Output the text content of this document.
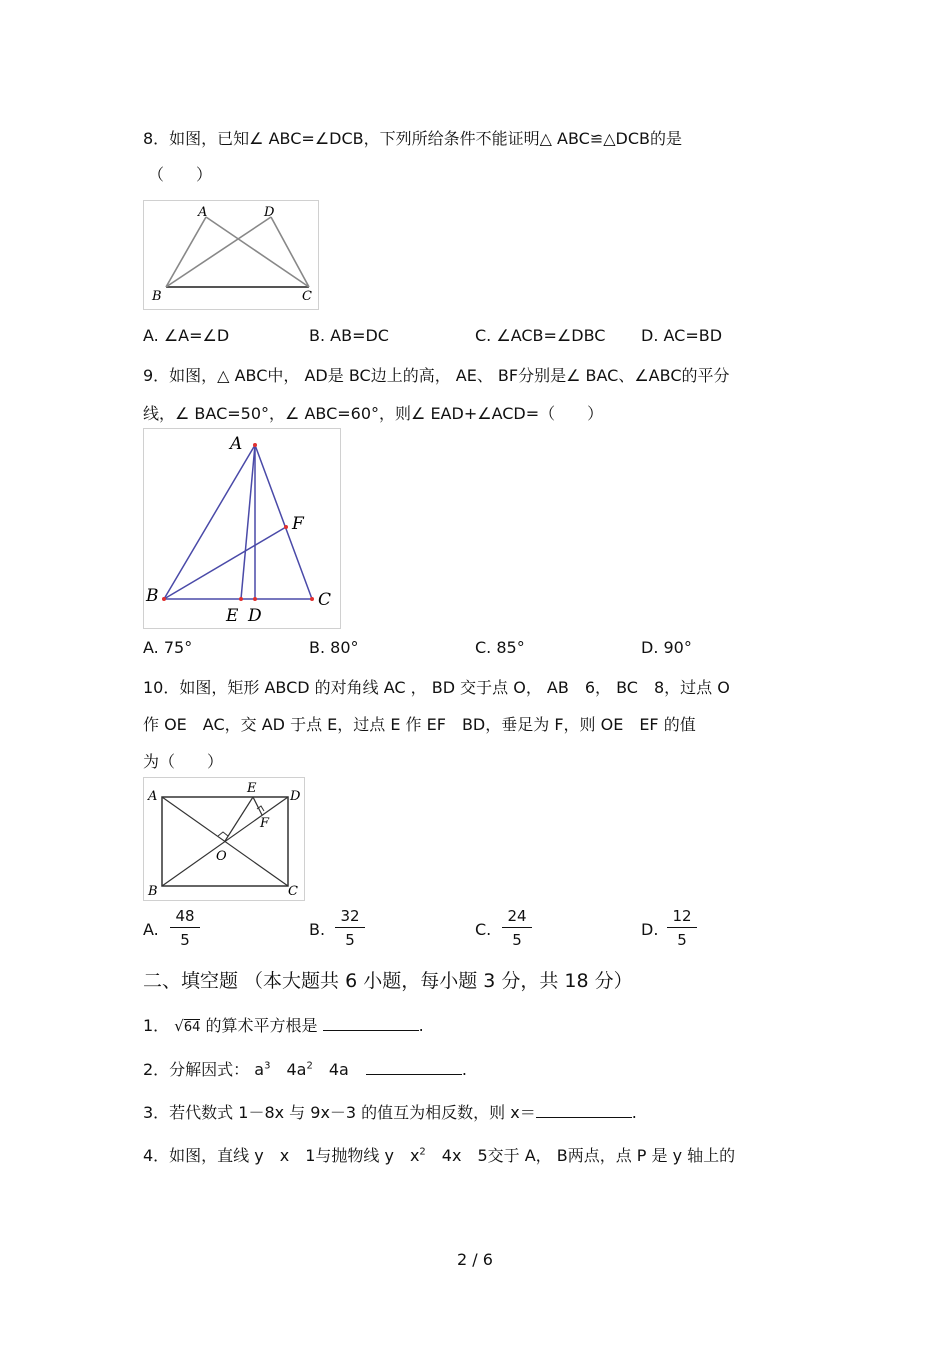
8．如图，已知∠ ABC=∠DCB，下列所给条件不能证明△ ABC≌△DCB的是
（　　）
A	D
B	C
A. ∠A=∠D	B. AB=DC	C. ∠ACB=∠DBC D. AC=BD
9．如图，△ ABC中， AD是 BC边上的高， AE、 BF分别是∠ BAC、∠ABC的平分
线，∠ BAC=50°，∠ ABC=60°，则∠ EAD+∠ACD=（　　）
A
F
B	C
E D
A. 75°	B. 80°	C. 85°	D. 90°
10．如图，矩形 ABCD 的对角线 AC ， BD 交于点 O， AB　6， BC　8，过点 O
作 OE　AC，交 AD 于点 E，过点 E 作 EF　BD，垂足为 F，则 OE　EF 的值
为（　　）
A
E
D
F
O
B	C
A. $\frac{48}{5}$	B. $\frac{32}{5}$	C. $\frac{24}{5}$	D. $\frac{12}{5}$
二、填空题 （本大题共 6 小题，每小题 3 分，共 18 分）
1． √64 的算术平方根是	.
2．分解因式： $a^3$　$4a^2$　4a	.
3．若代数式 1－8x 与 9x－3 的值互为相反数，则 x＝	.
4．如图，直线 y　x　1与抛物线 y　$x^2$　4x　5交于 A， B两点，点 P 是 y 轴上的
2 / 6
